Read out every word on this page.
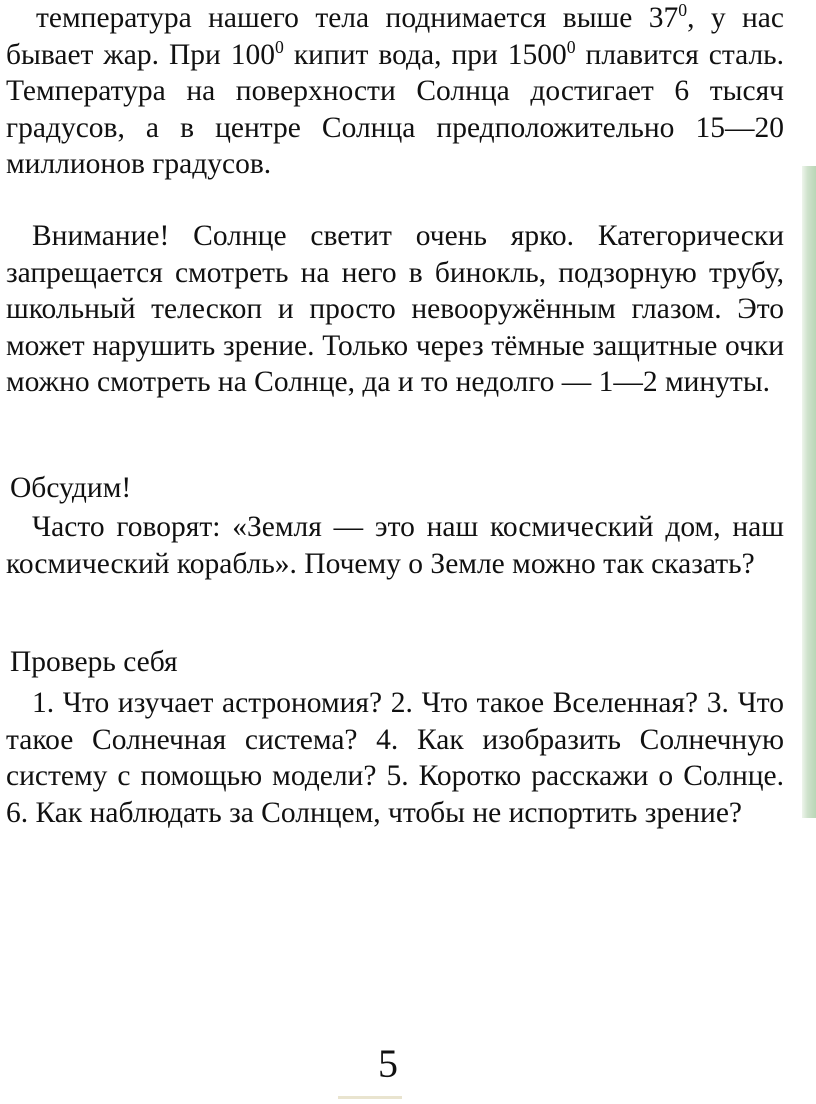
температура нашего тела поднимается выше $37^0$, у нас бывает жар. При $100^0$ кипит вода, при 1500$^0$ плавится сталь. Температура на поверхности Солнца достигает 6 тысяч градусов, а в центре Солнца предположительно 15—20 миллионов градусов.

Внимание! Солнце светит очень ярко. Категорически запрещается смотреть на него в бинокль, подзорную трубу, школьный телескоп и просто невооружённым глазом. Это может нарушить зрение. Только через тёмные защитные очки можно смотреть на Солнце, да и то недолго — 1—2 минуты.

Обсудим!

Часто говорят: «Земля — это наш космический дом, наш космический корабль». Почему о Земле можно так сказать?

Проверь себя

1. Что изучает астрономия? 2. Что такое Вселенная? 3. Что такое Солнечная система? 4. Как изобразить Солнечную систему с помощью модели? 5. Коротко расскажи о Солнце. 6. Как наблюдать за Солнцем, чтобы не испортить зрение?

5
